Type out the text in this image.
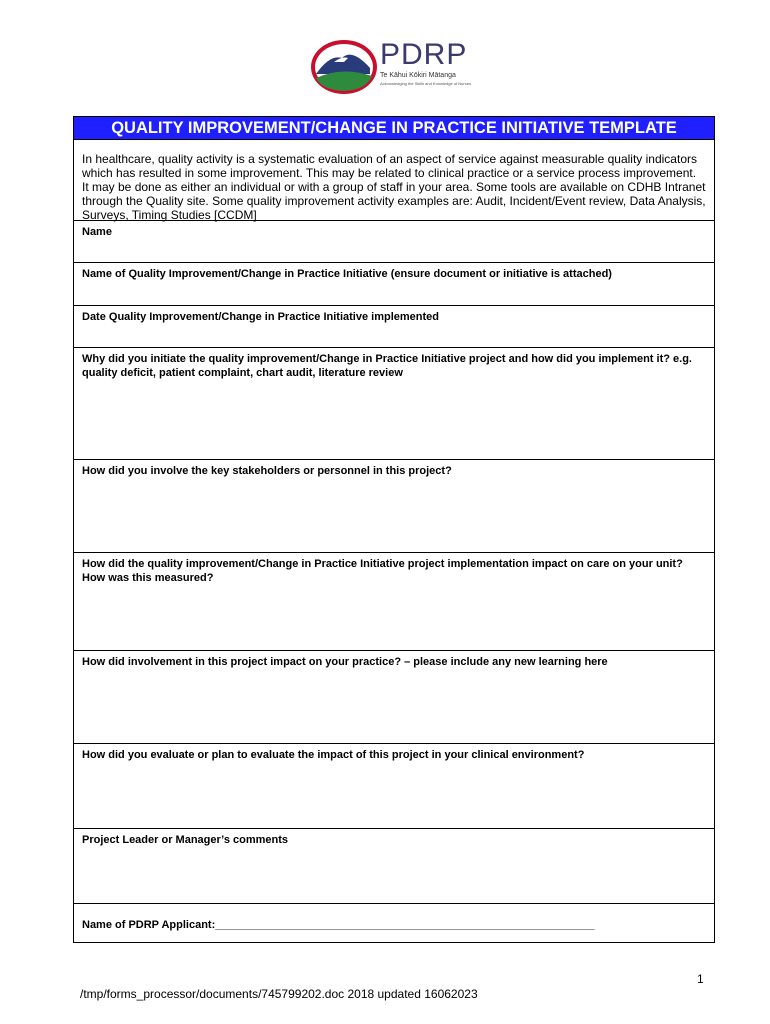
PDRP
Te Kāhui Kōkiri Mātanga
Acknowledging the Skills and Knowledge of Nurses
QUALITY IMPROVEMENT/CHANGE IN PRACTICE INITIATIVE TEMPLATE
In healthcare, quality activity is a systematic evaluation of an aspect of service against measurable quality indicators which has resulted in some improvement. This may be related to clinical practice or a service process improvement. It may be done as either an individual or with a group of staff in your area. Some tools are available on CDHB Intranet through the Quality site. Some quality improvement activity examples are: Audit, Incident/Event review, Data Analysis, Surveys, Timing Studies [CCDM]
Name
Name of Quality Improvement/Change in Practice Initiative (ensure document or initiative is attached)
Date Quality Improvement/Change in Practice Initiative implemented
Why did you initiate the quality improvement/Change in Practice Initiative project and how did you implement it? e.g. quality deficit, patient complaint, chart audit, literature review
How did you involve the key stakeholders or personnel in this project?
How did the quality improvement/Change in Practice Initiative project implementation impact on care on your unit? How was this measured?
How did involvement in this project impact on your practice? – please include any new learning here
How did you evaluate or plan to evaluate the impact of this project in your clinical environment?
Project Leader or Manager’s comments
Name of PDRP Applicant:______________________________________________________________
1
/tmp/forms_processor/documents/745799202.doc 2018 updated 16062023
